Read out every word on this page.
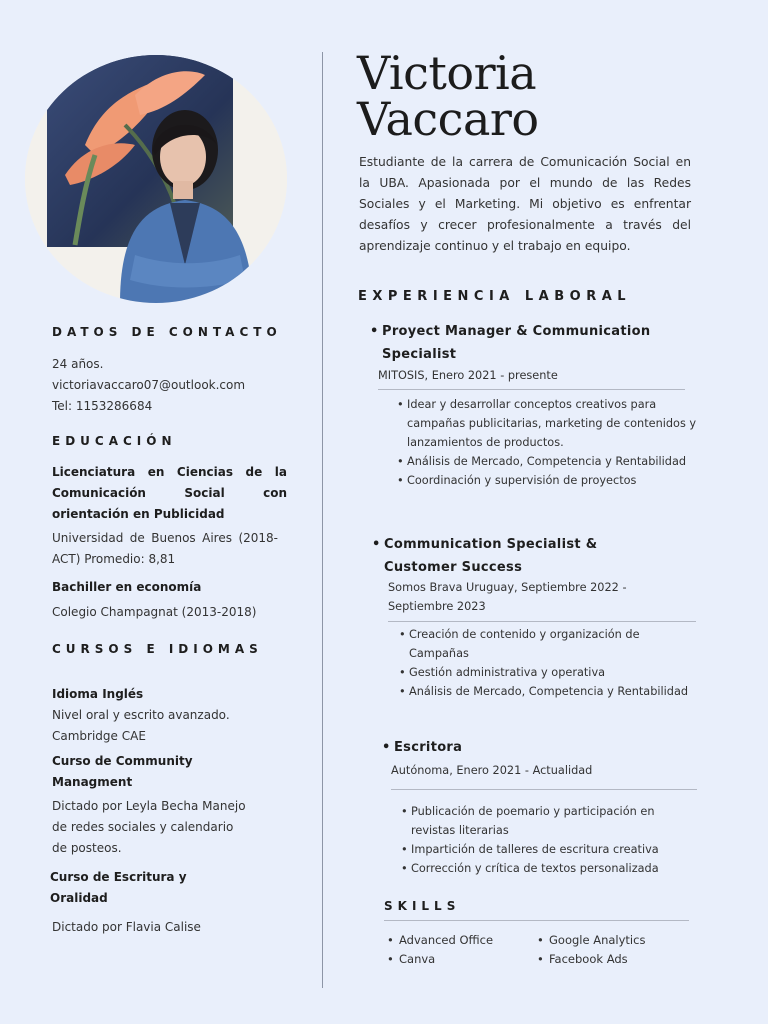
Victoria
Vaccaro
Estudiante de la carrera de Comunicación Social en la UBA. Apasionada por el mundo de las Redes Sociales y el Marketing. Mi objetivo es enfrentar desafíos y crecer profesionalmente a través del aprendizaje continuo y el trabajo en equipo.
DATOS DE CONTACTO
24 años.
victoriavaccaro07@outlook.com
Tel: 1153286684
EDUCACIÓN
Licenciatura en Ciencias de la Comunicación Social con orientación en Publicidad
Universidad de Buenos Aires (2018-ACT) Promedio: 8,81
Bachiller en economía
Colegio Champagnat (2013-2018)
CURSOS E IDIOMAS
Idioma Inglés
Nivel oral y escrito avanzado. Cambridge CAE
Curso de Community Managment
Dictado por Leyla Becha Manejo de redes sociales y calendario de posteos.
Curso de Escritura y Oralidad
Dictado por Flavia Calise
EXPERIENCIA LABORAL
• Proyect Manager & Communication Specialist
MITOSIS, Enero 2021 - presente
• Idear y desarrollar conceptos creativos para campañas publicitarias, marketing de contenidos y lanzamientos de productos.
• Análisis de Mercado, Competencia y Rentabilidad
• Coordinación y supervisión de proyectos
• Communication Specialist & Customer Success
Somos Brava Uruguay, Septiembre 2022 - Septiembre 2023
• Creación de contenido y organización de Campañas
• Gestión administrativa y operativa
• Análisis de Mercado, Competencia y Rentabilidad
• Escritora
Autónoma, Enero 2021 - Actualidad
• Publicación de poemario y participación en revistas literarias
• Impartición de talleres de escritura creativa
• Corrección y crítica de textos personalizada
SKILLS
• Advanced Office
• Canva
• Google Analytics
• Facebook Ads
